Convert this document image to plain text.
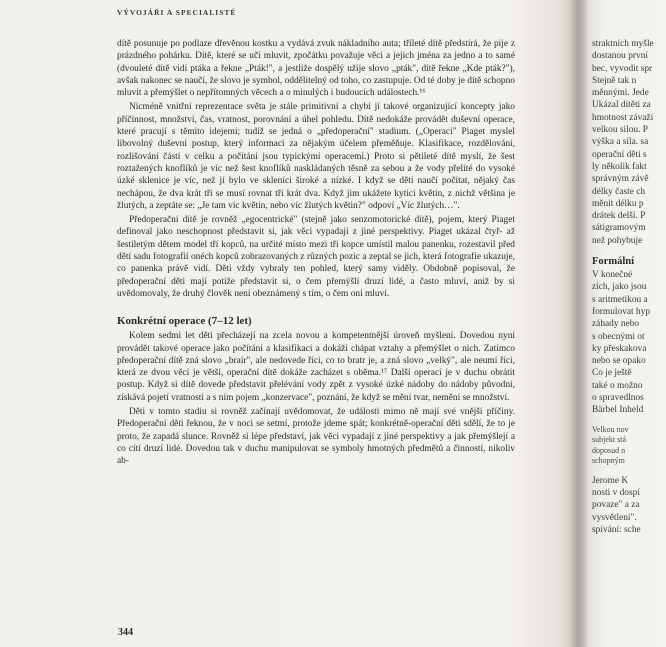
VÝVOJÁŘI A SPECIALISTÉ

dítě posunuje po podlaze dřevěnou kostku a vydává zvuk nákladního auta; tříleté dítě předstírá, že pije z prázdného pohárku. Dítě, které se učí mluvit, zpočátku považuje věci a jejich jména za jedno a to samé (dvouleté dítě vidí ptáka a řekne „Pták!", a jestliže dospělý užije slovo „pták", dítě řekne „Kde pták?"), avšak nakonec se naučí, že slovo je symbol, oddělitelný od toho, co zastupuje. Od té doby je dítě schopno mluvit a přemýšlet o nepřítomných věcech a o minulých i budoucích událostech.¹⁶

Nicméně vnitřní reprezentace světa je stále primitivní a chybí jí takové organizující koncepty jako příčinnost, množství, čas, vratnost, porovnání a úhel pohledu. Dítě nedokáže provádět duševní operace, které pracují s těmito idejemi; tudíž se jedná o „předoperační" stadium. („Operaci" Piaget myslel libovolný duševní postup, který informaci za nějakým účelem přeměňuje. Klasifikace, rozdělování, rozlišování částí v celku a počítání jsou typickými operacemi.) Proto si pětileté dítě myslí, že šest roztažených knoflíků je víc než šest knoflíků naskládaných těsně za sebou a že vody přelité do vysoké úzké sklenice je víc, než jí bylo ve skleníci široké a nízké. I když se děti naučí počítat, nějaký čas nechápou, že dva krát tři se musí rovnat tři krát dva. Když jim ukážete kytici květin, z nichž většina je žlutých, a zeptáte se: „Je tam víc květin, nebo víc žlutých květin?" odpoví „Víc žlutých…".

Předoperační dítě je rovněž „egocentrické" (stejně jako senzomotorické dítě), pojem, který Piaget definoval jako neschopnost představit si, jak věci vypadají z jiné perspektivy. Piaget ukázal čtyř- až šestiletým dětem model tří kopců, na určité místo mezi tři kopce umístil malou panenku, rozestavil před dětí sadu fotografií onéch kopců zobrazovaných z různých pozic a zeptal se jich, která fotografie ukazuje, co panenka právě vidí. Děti vždy vybraly ten pohled, který samy viděly. Obdobně popisoval, že předoperační děti mají potíže představit si, o čem přemýšlí druzí lidé, a často mluví, aniž by si uvědomovaly, že druhý člověk není obeznámený s tím, o čem oni mluví.

Konkrétní operace (7–12 let)

Kolem sedmi let děti přecházejí na zcela novou a kompetentnější úroveň myšlení. Dovedou nyní provádět takové operace jako počítání a klasifikaci a dokáží chápat vztahy a přemýšlet o nich. Zatímco předoperační dítě zná slovo „brair", ale nedovede říci, co to bratr je, a zná slovo „velký", ale neumí říci, která ze dvou věcí je větší, operační dítě dokáže zacházet s oběma.¹⁷ Další operací je v duchu obrátit postup. Když si dítě dovede představit přelévání vody zpět z vysoké úzké nádoby do nádoby původní, získává pojetí vratnosti a s ním pojem „konzervace", poznání, že když se mění tvar, nemění se množství.

Děti v tomto stadiu si rovněž začínají uvědomovat, že události mimo ně mají své vnější příčiny. Předoperační děti řeknou, že v noci se setmí, protože jdeme spát; konkrétně-operační děti sdělí, že to je proto, že zapadá slunce. Rovněž si lépe představí, jak věci vypadají z jiné perspektivy a jak přemýšlejí a co cítí druzí lidé. Dovedou tak v duchu manipulovat se symboly hmotných předmětů a činností, nikoliv ab-

344
straktních myšle
dostanou první
bec, vyvodit spr
Stejně tak n
měnnými. Jede
Ukázal dítěti za
hmotnost závaží
velkou silou. P
výška a síla. sa
operační děti s
ly několik fakt
správným závě
délky časte ch
měnit délku p
drátek delší. P
sátigramovým
než pohybuje
Formální
V konečné
zích, jako jsou
s aritmetikou a
formulovat hyp
záhady nebo
s obecnými ot
ky přeskakova
nebo se opako
Co je ještě
také o možno
o spravedlnos
Bärbel Inheld
Velkou nov
subjekt stá
doposud n
schopným
Jerome K
nosti v dospí
povaze" a za
vysvětlení".
spívání: sche
